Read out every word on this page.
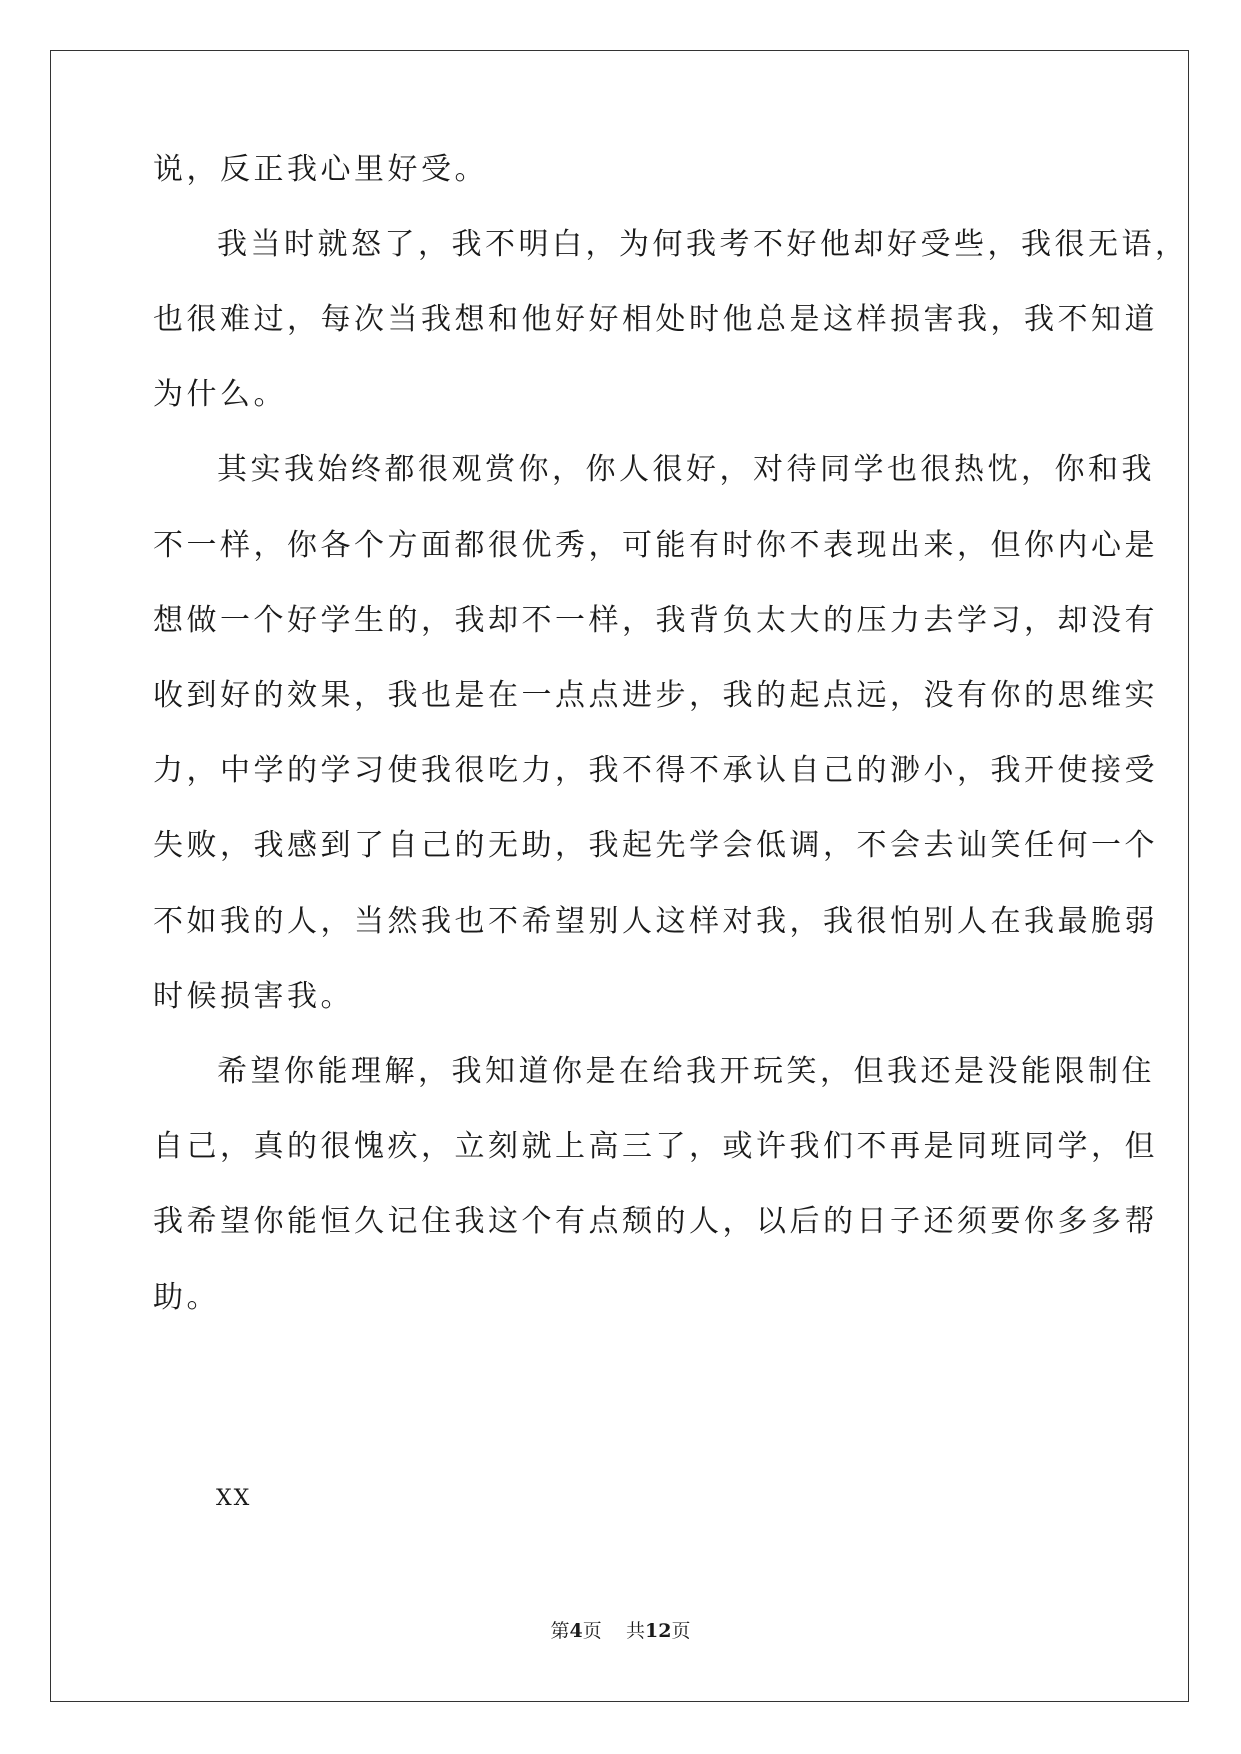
说，反正我心里好受。
我当时就怒了，我不明白，为何我考不好他却好受些，我很无语，
也很难过，每次当我想和他好好相处时他总是这样损害我，我不知道
为什么。
其实我始终都很观赏你，你人很好，对待同学也很热忱，你和我
不一样，你各个方面都很优秀，可能有时你不表现出来，但你内心是
想做一个好学生的，我却不一样，我背负太大的压力去学习，却没有
收到好的效果，我也是在一点点进步，我的起点远，没有你的思维实
力，中学的学习使我很吃力，我不得不承认自己的渺小，我开使接受
失败，我感到了自己的无助，我起先学会低调，不会去讪笑任何一个
不如我的人，当然我也不希望别人这样对我，我很怕别人在我最脆弱
时候损害我。
希望你能理解，我知道你是在给我开玩笑，但我还是没能限制住
自己，真的很愧疚，立刻就上高三了，或许我们不再是同班同学，但
我希望你能恒久记住我这个有点颓的人，以后的日子还须要你多多帮
助。
XX
第4页 共12页
